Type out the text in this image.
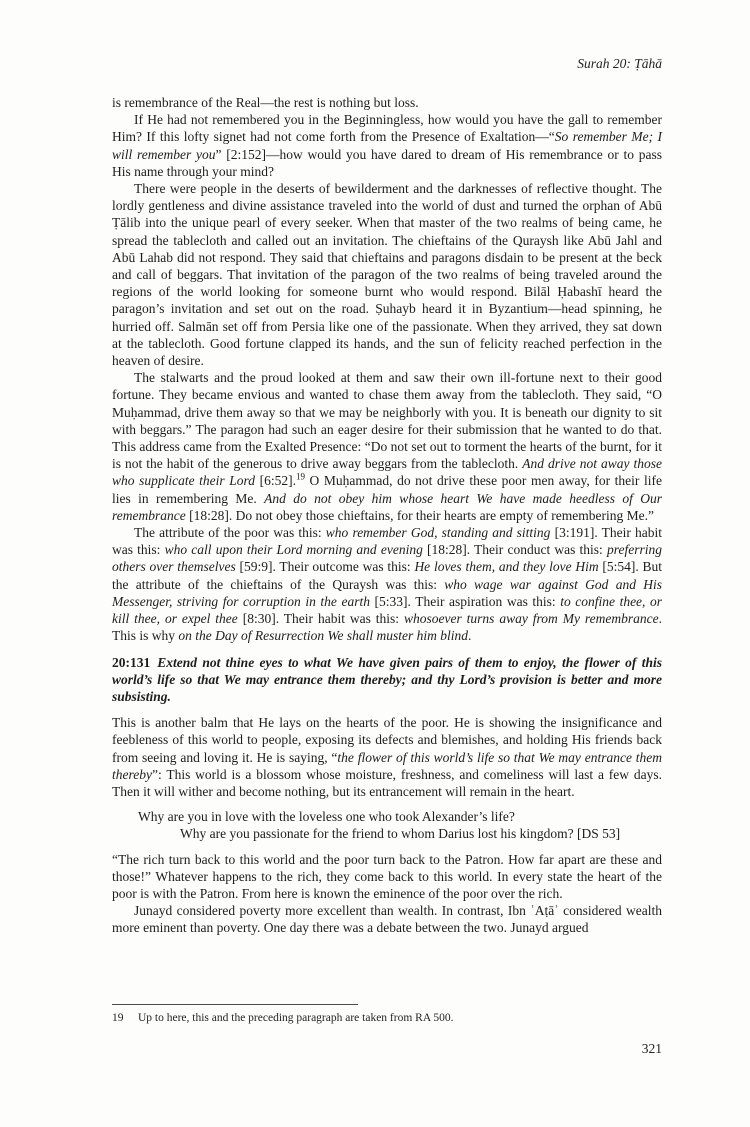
Surah 20: Ṭāhā

is remembrance of the Real—the rest is nothing but loss.

If He had not remembered you in the Beginningless, how would you have the gall to remember Him? If this lofty signet had not come forth from the Presence of Exaltation—“So remember Me; I will remember you” [2:152]—how would you have dared to dream of His remembrance or to pass His name through your mind?

There were people in the deserts of bewilderment and the darknesses of reflective thought. The lordly gentleness and divine assistance traveled into the world of dust and turned the orphan of Abū Ṭālib into the unique pearl of every seeker. When that master of the two realms of being came, he spread the tablecloth and called out an invitation. The chieftains of the Quraysh like Abū Jahl and Abū Lahab did not respond. They said that chieftains and paragons disdain to be present at the beck and call of beggars. That invitation of the paragon of the two realms of being traveled around the regions of the world looking for someone burnt who would respond. Bilāl Ḥabashī heard the paragon’s invitation and set out on the road. Ṣuhayb heard it in Byzantium—head spinning, he hurried off. Salmān set off from Persia like one of the passionate. When they arrived, they sat down at the tablecloth. Good fortune clapped its hands, and the sun of felicity reached perfection in the heaven of desire.

The stalwarts and the proud looked at them and saw their own ill-fortune next to their good fortune. They became envious and wanted to chase them away from the tablecloth. They said, “O Muḥammad, drive them away so that we may be neighborly with you. It is beneath our dignity to sit with beggars.” The paragon had such an eager desire for their submission that he wanted to do that. This address came from the Exalted Presence: “Do not set out to torment the hearts of the burnt, for it is not the habit of the generous to drive away beggars from the tablecloth. And drive not away those who supplicate their Lord [6:52].$^{19}$ O Muḥammad, do not drive these poor men away, for their life lies in remembering Me. And do not obey him whose heart We have made heedless of Our remembrance [18:28]. Do not obey those chieftains, for their hearts are empty of remembering Me.”

The attribute of the poor was this: who remember God, standing and sitting [3:191]. Their habit was this: who call upon their Lord morning and evening [18:28]. Their conduct was this: preferring others over themselves [59:9]. Their outcome was this: He loves them, and they love Him [5:54]. But the attribute of the chieftains of the Quraysh was this: who wage war against God and His Messenger, striving for corruption in the earth [5:33]. Their aspiration was this: to confine thee, or kill thee, or expel thee [8:30]. Their habit was this: whosoever turns away from My remembrance. This is why on the Day of Resurrection We shall muster him blind.

20:131 Extend not thine eyes to what We have given pairs of them to enjoy, the flower of this world’s life so that We may entrance them thereby; and thy Lord’s provision is better and more subsisting.

This is another balm that He lays on the hearts of the poor. He is showing the insignificance and feebleness of this world to people, exposing its defects and blemishes, and holding His friends back from seeing and loving it. He is saying, “the flower of this world’s life so that We may entrance them thereby”: This world is a blossom whose moisture, freshness, and comeliness will last a few days. Then it will wither and become nothing, but its entrancement will remain in the heart.

Why are you in love with the loveless one who took Alexander’s life?
Why are you passionate for the friend to whom Darius lost his kingdom? [DS 53]

“The rich turn back to this world and the poor turn back to the Patron. How far apart are these and those!” Whatever happens to the rich, they come back to this world. In every state the heart of the poor is with the Patron. From here is known the eminence of the poor over the rich.

Junayd considered poverty more excellent than wealth. In contrast, Ibn ʿAṭāʾ considered wealth more eminent than poverty. One day there was a debate between the two. Junayd argued

19	Up to here, this and the preceding paragraph are taken from RA 500.
321
